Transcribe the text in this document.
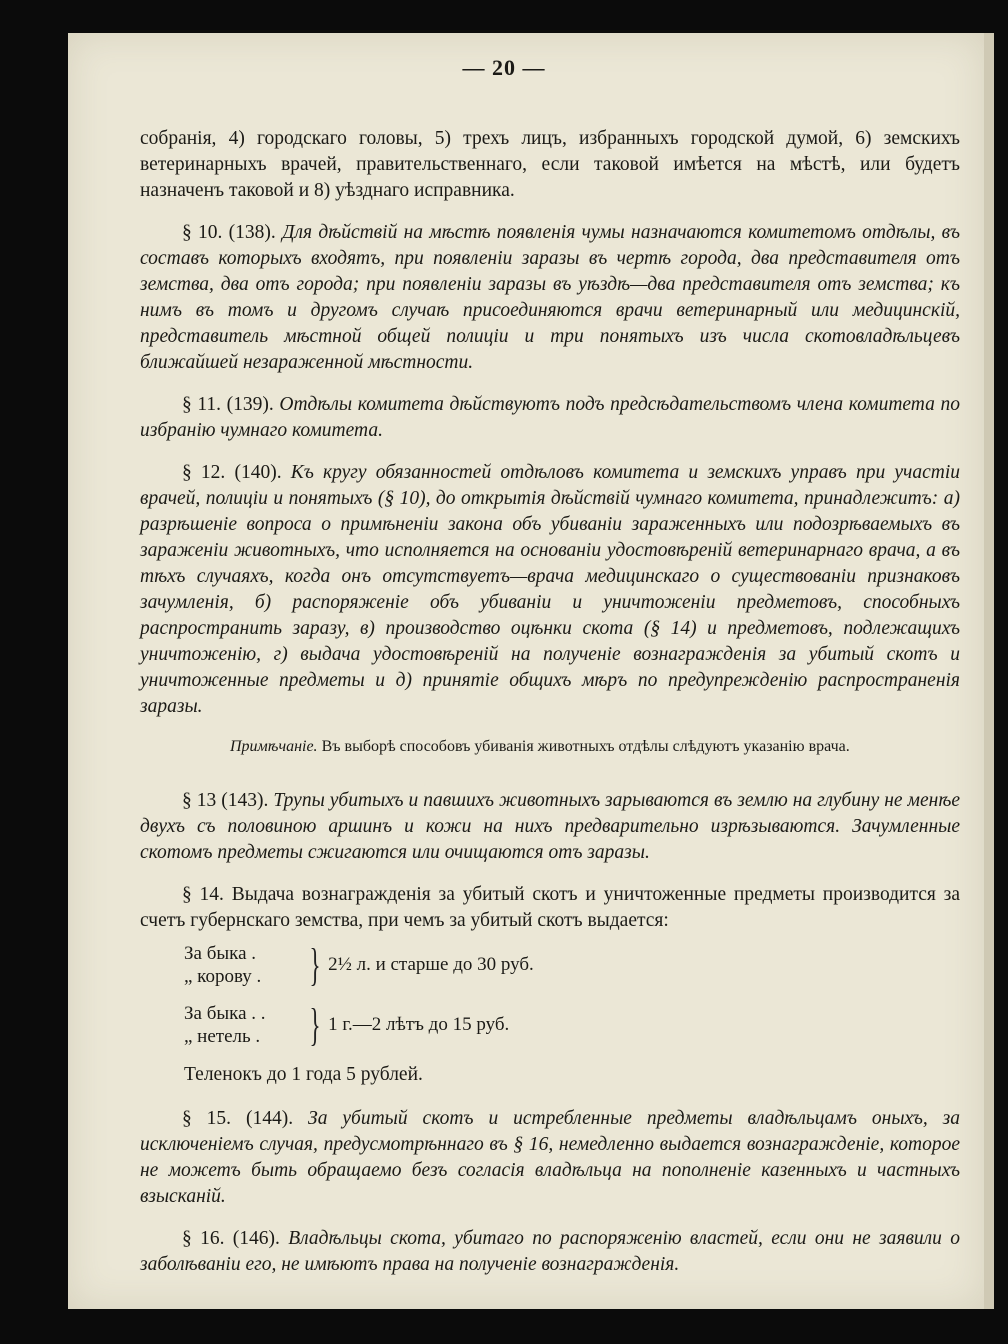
— 20 —

собранія, 4) городскаго головы, 5) трехъ лицъ, избранныхъ городской думой, 6) земскихъ ветеринарныхъ врачей, правительственнаго, если таковой имѣется на мѣстѣ, или будетъ назначенъ таковой и 8) уѣзднаго исправника.

§ 10. (138). Для дѣйствій на мѣстѣ появленія чумы назначаются комитетомъ отдѣлы, въ составъ которыхъ входятъ, при появленіи заразы въ чертѣ города, два представителя отъ земства, два отъ города; при появленіи заразы въ уѣздѣ—два представителя отъ земства; къ нимъ въ томъ и другомъ случаѣ присоединяются врачи ветеринарный или медицинскій, представитель мѣстной общей полиціи и три понятыхъ изъ числа скотовладѣльцевъ ближайшей незараженной мѣстности.

§ 11. (139). Отдѣлы комитета дѣйствуютъ подъ предсѣдательствомъ члена комитета по избранію чумнаго комитета.

§ 12. (140). Къ кругу обязанностей отдѣловъ комитета и земскихъ управъ при участіи врачей, полиціи и понятыхъ (§ 10), до открытія дѣйствій чумнаго комитета, принадлежитъ: а) разрѣшеніе вопроса о примѣненіи закона объ убиваніи зараженныхъ или подозрѣваемыхъ въ зараженіи животныхъ, что исполняется на основаніи удостовѣреній ветеринарнаго врача, а въ тѣхъ случаяхъ, когда онъ отсутствуетъ—врача медицинскаго о существованіи признаковъ зачумленія, б) распоряженіе объ убиваніи и уничтоженіи предметовъ, способныхъ распространить заразу, в) производство оцѣнки скота (§ 14) и предметовъ, подлежащихъ уничтоженію, г) выдача удостовѣреній на полученіе вознагражденія за убитый скотъ и уничтоженные предметы и д) принятіе общихъ мѣръ по предупрежденію распространенія заразы.

Примѣчаніе. Въ выборѣ способовъ убиванія животныхъ отдѣлы слѣдуютъ указанію врача.

§ 13 (143). Трупы убитыхъ и павшихъ животныхъ зарываются въ землю на глубину не менѣе двухъ съ половиною аршинъ и кожи на нихъ предварительно изрѣзываются. Зачумленные скотомъ предметы сжигаются или очищаются отъ заразы.

§ 14. Выдача вознагражденія за убитый скотъ и уничтоженные предметы производится за счетъ губернскаго земства, при чемъ за убитый скотъ выдается:

За быка .
„ корову .	} 2½ л. и старше до 30 руб.
За быка . .
„ нетель .	} 1 г.—2 лѣтъ до 15 руб.
Теленокъ до 1 года 5 рублей.

§ 15. (144). За убитый скотъ и истребленные предметы владѣльцамъ оныхъ, за исключеніемъ случая, предусмотрѣннаго въ § 16, немедленно выдается вознагражденіе, которое не можетъ быть обращаемо безъ согласія владѣльца на пополненіе казенныхъ и частныхъ взысканій.

§ 16. (146). Владѣльцы скота, убитаго по распоряженію властей, если они не заявили о заболѣваніи его, не имѣютъ права на полученіе вознагражденія.
